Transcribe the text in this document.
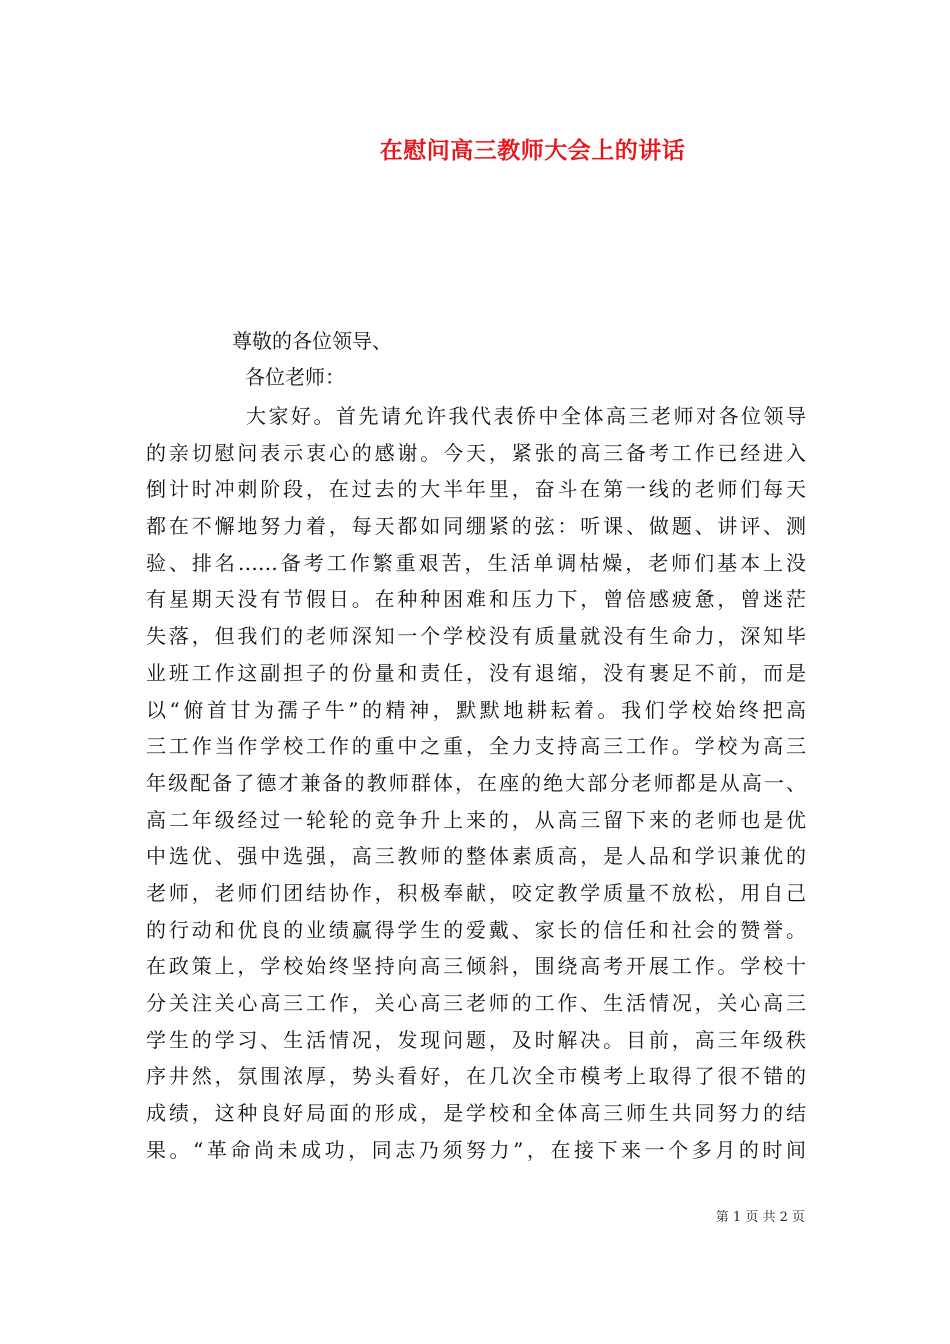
在慰问高三教师大会上的讲话

尊敬的各位领导、

各位老师：

大家好。首先请允许我代表侨中全体高三老师对各位领导
的亲切慰问表示衷心的感谢。今天，紧张的高三备考工作已经进入
倒计时冲刺阶段，在过去的大半年里，奋斗在第一线的老师们每天
都在不懈地努力着，每天都如同绷紧的弦：听课、做题、讲评、测
验、排名……备考工作繁重艰苦，生活单调枯燥，老师们基本上没
有星期天没有节假日。在种种困难和压力下，曾倍感疲惫，曾迷茫
失落，但我们的老师深知一个学校没有质量就没有生命力，深知毕
业班工作这副担子的份量和责任，没有退缩，没有裹足不前，而是
以“俯首甘为孺子牛”的精神，默默地耕耘着。我们学校始终把高
三工作当作学校工作的重中之重，全力支持高三工作。学校为高三
年级配备了德才兼备的教师群体，在座的绝大部分老师都是从高一、
高二年级经过一轮轮的竞争升上来的，从高三留下来的老师也是优
中选优、强中选强，高三教师的整体素质高，是人品和学识兼优的
老师，老师们团结协作，积极奉献，咬定教学质量不放松，用自己
的行动和优良的业绩赢得学生的爱戴、家长的信任和社会的赞誉。
在政策上，学校始终坚持向高三倾斜，围绕高考开展工作。学校十
分关注关心高三工作，关心高三老师的工作、生活情况，关心高三
学生的学习、生活情况，发现问题，及时解决。目前，高三年级秩
序井然，氛围浓厚，势头看好，在几次全市模考上取得了很不错的
成绩，这种良好局面的形成，是学校和全体高三师生共同努力的结
果。“革命尚未成功，同志乃须努力”，在接下来一个多月的时间

第 1 页 共 2 页
